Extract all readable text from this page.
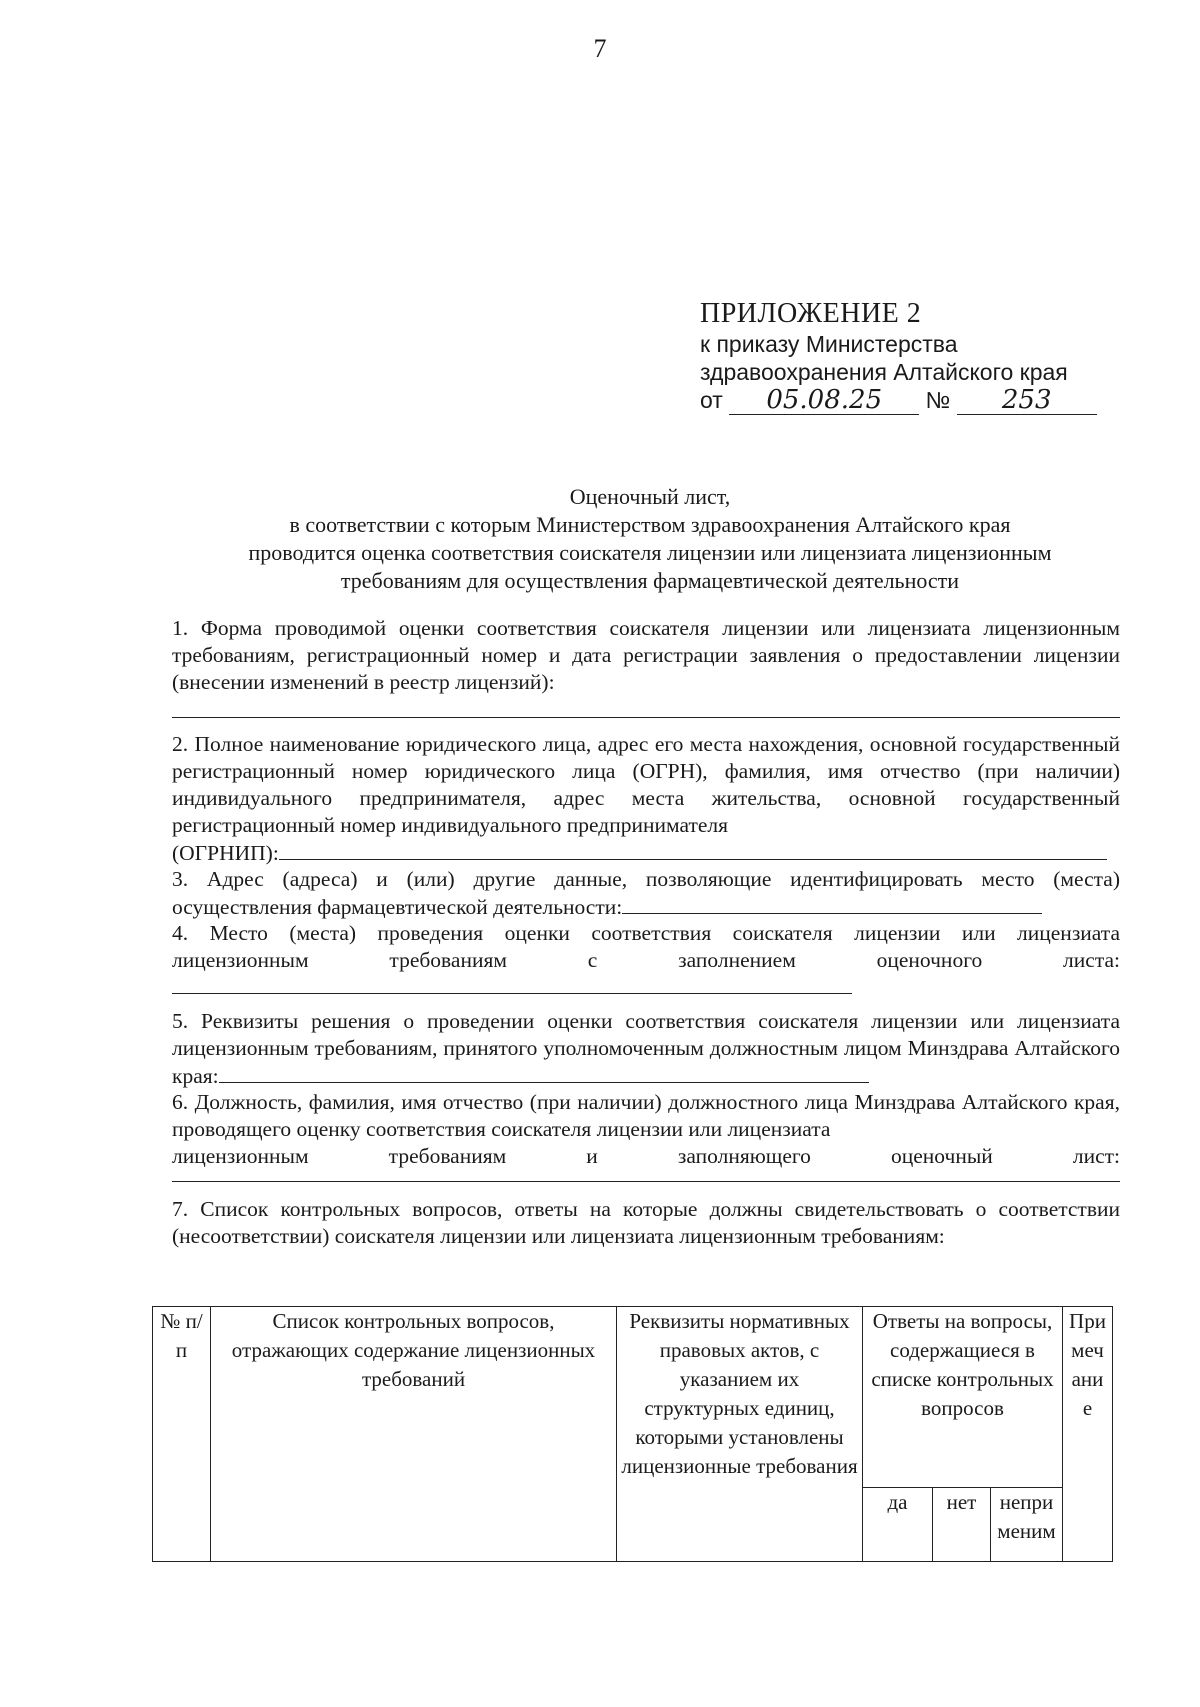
7
ПРИЛОЖЕНИЕ 2
к приказу Министерства
здравоохранения Алтайского края
от 05.08.25 № 253
Оценочный лист,
в соответствии с которым Министерством здравоохранения Алтайского края
проводится оценка соответствия соискателя лицензии или лицензиата лицензионным
требованиям для осуществления фармацевтической деятельности
1. Форма проводимой оценки соответствия соискателя лицензии или лицензиата лицензионным требованиям, регистрационный номер и дата регистрации заявления о предоставлении лицензии (внесении изменений в реестр лицензий):
2. Полное наименование юридического лица, адрес его места нахождения, основной государственный регистрационный номер юридического лица (ОГРН), фамилия, имя отчество (при наличии) индивидуального предпринимателя, адрес места жительства, основной государственный регистрационный номер индивидуального предпринимателя
(ОГРНИП):
3. Адрес (адреса) и (или) другие данные, позволяющие идентифицировать место (места)
осуществления фармацевтической деятельности:
4. Место (места) проведения оценки соответствия соискателя лицензии или лицензиата
лицензионным требованиям с заполнением оценочного листа:
5. Реквизиты решения о проведении оценки соответствия соискателя лицензии или лицензиата лицензионным требованиям, принятого уполномоченным должностным лицом Минздрава Алтайского края:
6. Должность, фамилия, имя отчество (при наличии) должностного лица Минздрава Алтайского края, проводящего оценку соответствия соискателя лицензии или лицензиата
лицензионным требованиям и заполняющего оценочный лист:
7. Список контрольных вопросов, ответы на которые должны свидетельствовать о соответствии (несоответствии) соискателя лицензии или лицензиата лицензионным требованиям:
№ п/п	Список контрольных вопросов, отражающих содержание лицензионных требований	Реквизиты нормативных правовых актов, с указанием их структурных единиц, которыми установлены лицензионные требования	Ответы на вопросы, содержащиеся в списке контрольных вопросов			Примечание
			да	нет	неприменим	
